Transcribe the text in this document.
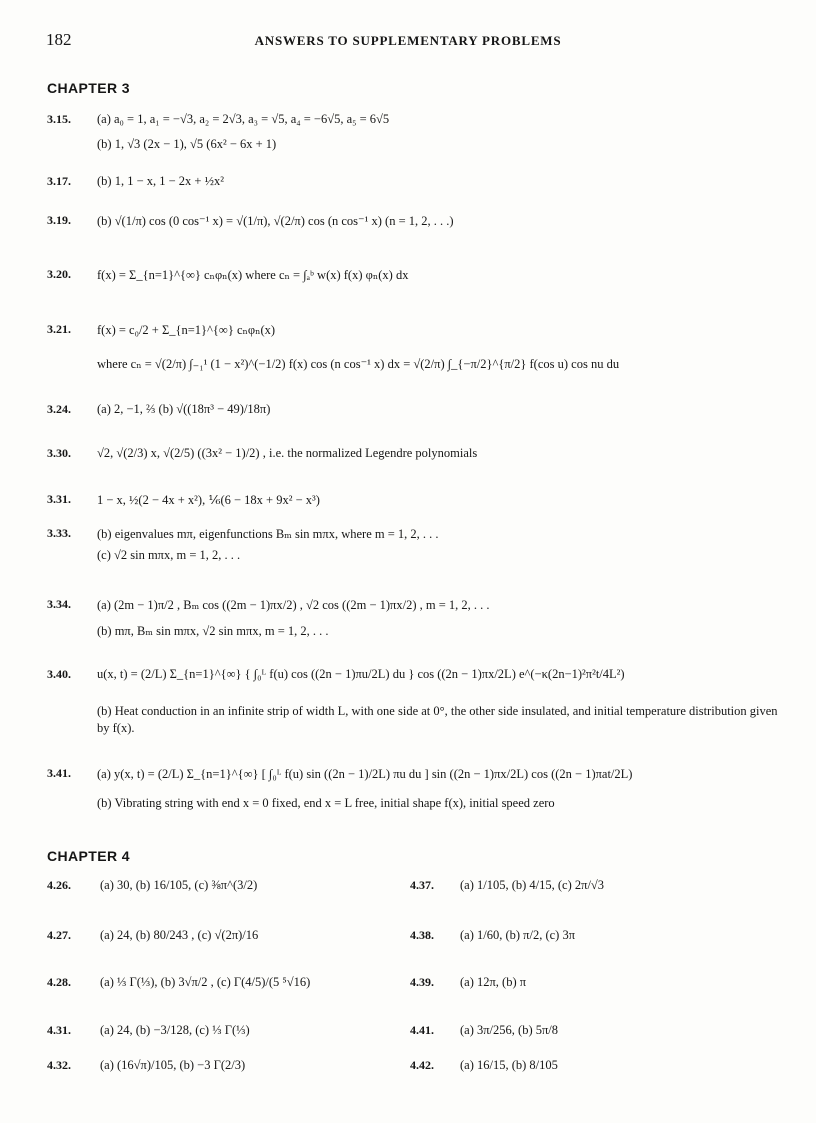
182	ANSWERS TO SUPPLEMENTARY PROBLEMS
CHAPTER 3
3.15. (a) a₀ = 1, a₁ = −√3, a₂ = 2√3, a₃ = √5, a₄ = −6√5, a₅ = 6√5
(b) 1, √3 (2x − 1), √5 (6x² − 6x + 1)
3.17. (b) 1, 1 − x, 1 − 2x + ½x²
3.19. (b) √(1/π) cos (0 cos⁻¹ x) = √(1/π), √(2/π) cos (n cos⁻¹ x) (n = 1, 2, . . .)
3.20. f(x) = Σ_{n=1}^{∞} cₙφₙ(x) where cₙ = ∫ₐᵇ w(x) f(x) φₙ(x) dx
3.21. f(x) = c₀/2 + Σ_{n=1}^{∞} cₙφₙ(x)
where cₙ = √(2/π) ∫₋₁¹ (1 − x²)^(−1/2) f(x) cos (n cos⁻¹ x) dx = √(2/π) ∫_{−π/2}^{π/2} f(cos u) cos nu du
3.24. (a) 2, −1, ⅔ (b) √((18π³ − 49)/18π)
3.30. √2, √(2/3) x, √(2/5) ((3x² − 1)/2) , i.e. the normalized Legendre polynomials
3.31. 1 − x, ½(2 − 4x + x²), ⅙(6 − 18x + 9x² − x³)
3.33. (b) eigenvalues mπ, eigenfunctions Bₘ sin mπx, where m = 1, 2, . . .
(c) √2 sin mπx, m = 1, 2, . . .
3.34. (a) (2m − 1)π/2 , Bₘ cos ((2m − 1)πx/2) , √2 cos ((2m − 1)πx/2) , m = 1, 2, . . .
(b) mπ, Bₘ sin mπx, √2 sin mπx, m = 1, 2, . . .
3.40. u(x, t) = (2/L) Σ_{n=1}^{∞} { ∫₀ᴸ f(u) cos ((2n − 1)πu/2L) du } cos ((2n − 1)πx/2L) e^(−κ(2n−1)²π²t/4L²)
(b) Heat conduction in an infinite strip of width L, with one side at 0°, the other side insulated, and initial temperature distribution given by f(x).
3.41. (a) y(x, t) = (2/L) Σ_{n=1}^{∞} [ ∫₀ᴸ f(u) sin ((2n − 1)/2L) πu du ] sin ((2n − 1)πx/2L) cos ((2n − 1)πat/2L)
(b) Vibrating string with end x = 0 fixed, end x = L free, initial shape f(x), initial speed zero
CHAPTER 4
4.26. (a) 30, (b) 16/105, (c) ⅜π^(3/2)
4.27. (a) 24, (b) 80/243 , (c) √(2π)/16
4.28. (a) ⅓ Γ(⅓), (b) 3√π/2 , (c) Γ(4/5)/(5 ⁵√16)
4.31. (a) 24, (b) −3/128, (c) ⅓ Γ(⅓)
4.32. (a) (16√π)/105, (b) −3 Γ(2/3)
4.37. (a) 1/105, (b) 4/15, (c) 2π/√3
4.38. (a) 1/60, (b) π/2, (c) 3π
4.39. (a) 12π, (b) π
4.41. (a) 3π/256, (b) 5π/8
4.42. (a) 16/15, (b) 8/105
